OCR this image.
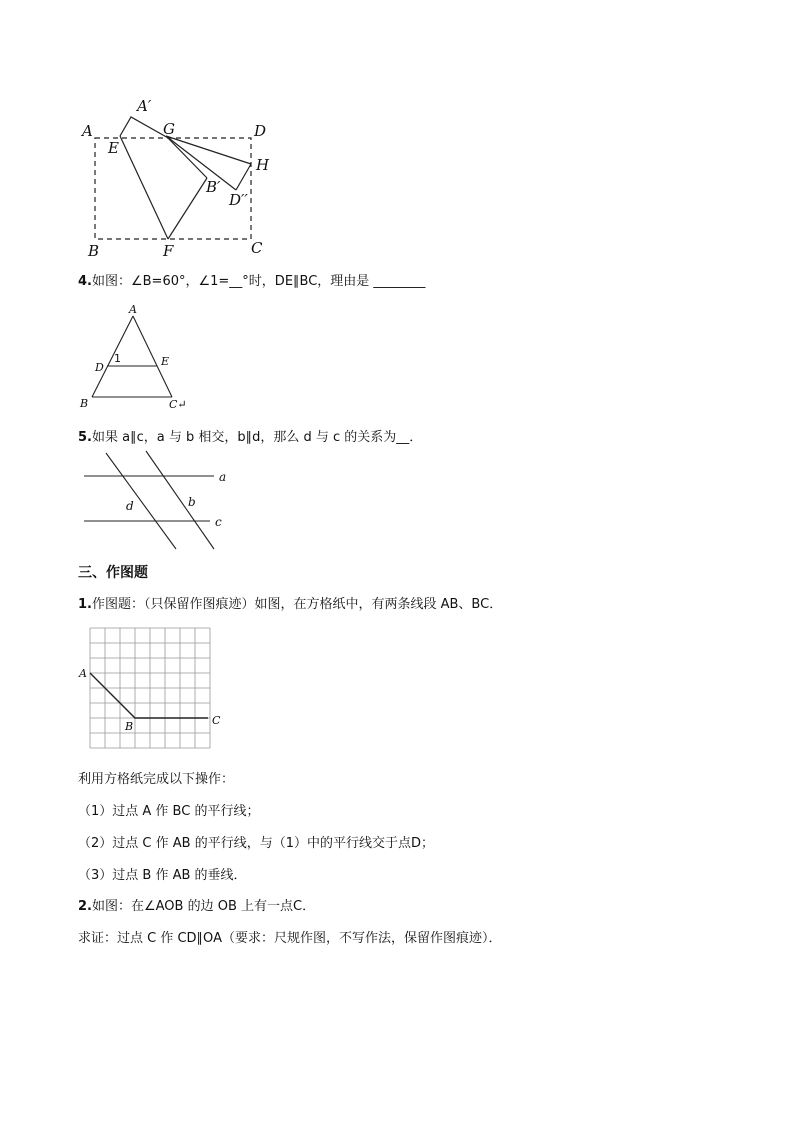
A
A′
G	D
E
H
B′
D′′
B	F	C
4.如图：∠B=60°，∠1=__°时，DE∥BC，理由是 ________
A
D
1	E
B	C↵
5.如果 a∥c，a 与 b 相交，b∥d，那么 d 与 c 的关系为__．
a
b
d
c
三、作图题
1.作图题：（只保留作图痕迹）如图，在方格纸中，有两条线段 AB、BC．
A
B	C
利用方格纸完成以下操作：
（1）过点 A 作 BC 的平行线；
（2）过点 C 作 AB 的平行线，与（1）中的平行线交于点D；
（3）过点 B 作 AB 的垂线．
2.如图：在∠AOB 的边 OB 上有一点C．
求证：过点 C 作 CD∥OA（要求：尺规作图，不写作法，保留作图痕迹）．
